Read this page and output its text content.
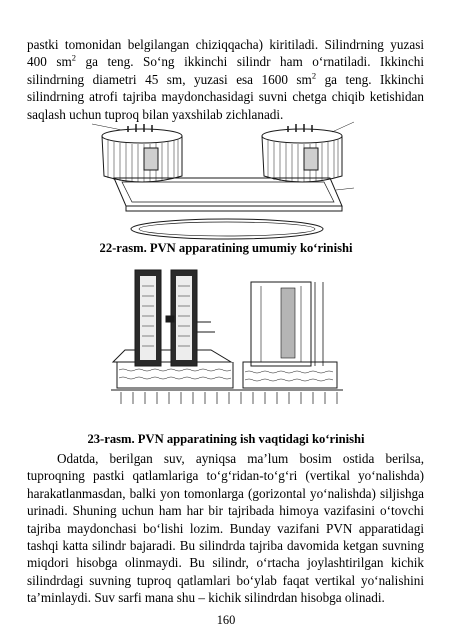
pastki tomonidan belgilangan chiziqqacha) kiritiladi. Silindrning yuzasi
400 $sm^2$ ga teng. So‘ng ikkinchi silindr ham o‘rnatiladi. Ikkinchi
silindrning diametri 45 sm, yuzasi esa 1600 $sm^2$ ga teng. Ikkinchi
silindrning atrofi tajriba maydonchasidagi suvni chetga chiqib ketishidan
saqlash uchun tuproq bilan yaxshilab zichlanadi.
22-rasm. PVN apparatining umumiy ko‘rinishi
23-rasm. PVN apparatining ish vaqtidagi ko‘rinishi
Odatda, berilgan suv, ayniqsa ma’lum bosim ostida berilsa,
tuproqning pastki qatlamlariga to‘g‘ridan-to‘g‘ri (vertikal yo‘nalishda)
harakatlanmasdan, balki yon tomonlarga (gorizontal yo‘nalishda) siljishga
urinadi. Shuning uchun ham har bir tajribada himoya vazifasini o‘tovchi
tajriba maydonchasi bo‘lishi lozim. Bunday vazifani PVN apparatidagi
tashqi katta silindr bajaradi. Bu silindrda tajriba davomida ketgan suvning
miqdori hisobga olinmaydi. Bu silindr, o‘rtacha joylashtirilgan kichik
silindrdagi suvning tuproq qatlamlari bo‘ylab faqat vertikal yo‘nalishini
ta’minlaydi. Suv sarfi mana shu – kichik silindrdan hisobga olinadi.
160
